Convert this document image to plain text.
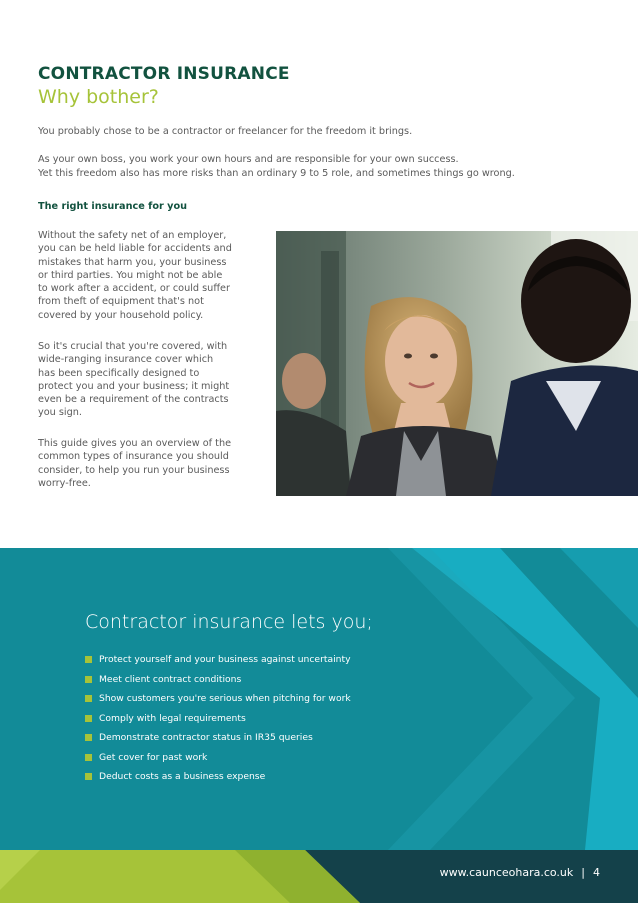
CONTRACTOR INSURANCE
Why bother?

You probably chose to be a contractor or freelancer for the freedom it brings.

As your own boss, you work your own hours and are responsible for your own success.
Yet this freedom also has more risks than an ordinary 9 to 5 role, and sometimes things go wrong.

The right insurance for you

Without the safety net of an employer,
you can be held liable for accidents and
mistakes that harm you, your business
or third parties. You might not be able
to work after a accident, or could suffer
from theft of equipment that's not
covered by your household policy.

So it's crucial that you're covered, with
wide-ranging insurance cover which
has been specifically designed to
protect you and your business; it might
even be a requirement of the contracts
you sign.

This guide gives you an overview of the
common types of insurance you should
consider, to help you run your business
worry-free.

Contractor insurance lets you;
Protect yourself and your business against uncertainty
Meet client contract conditions
Show customers you're serious when pitching for work
Comply with legal requirements
Demonstrate contractor status in IR35 queries
Get cover for past work
Deduct costs as a business expense
www.caunceohara.co.uk | 4
